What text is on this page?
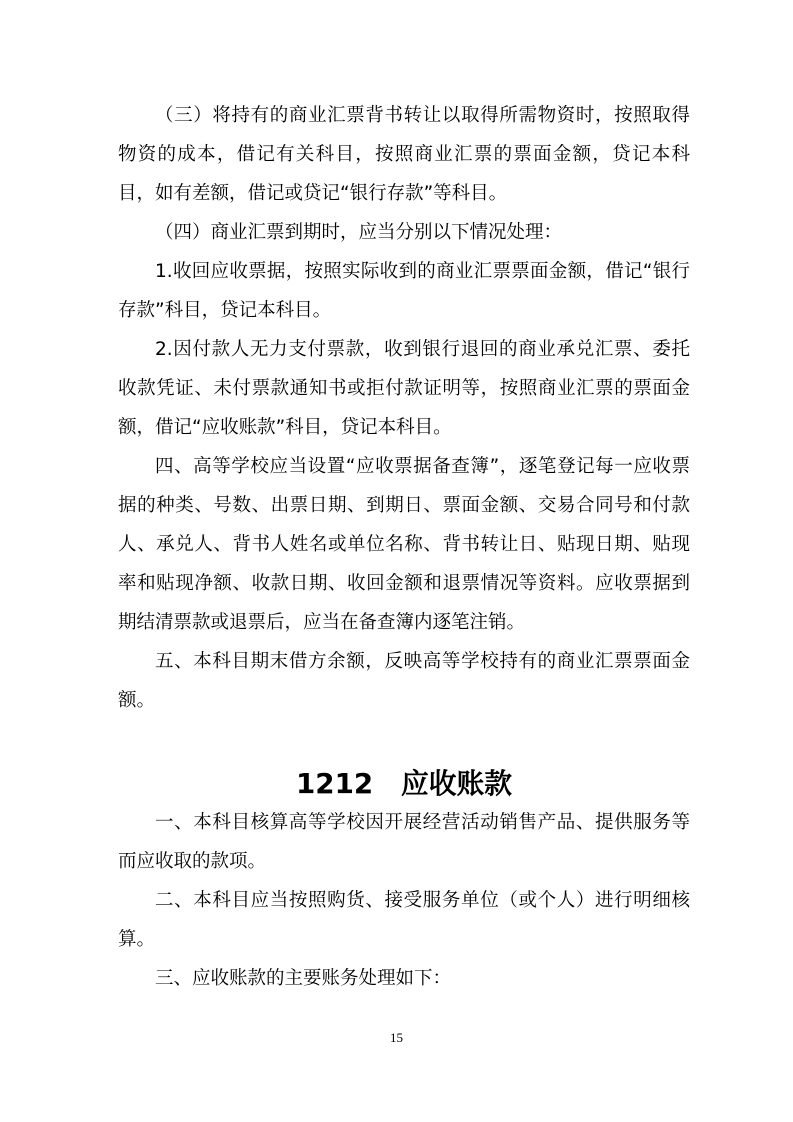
（三）将持有的商业汇票背书转让以取得所需物资时，按照取得物资的成本，借记有关科目，按照商业汇票的票面金额，贷记本科目，如有差额，借记或贷记“银行存款”等科目。

（四）商业汇票到期时，应当分别以下情况处理：

1.收回应收票据，按照实际收到的商业汇票票面金额，借记“银行存款”科目，贷记本科目。

2.因付款人无力支付票款，收到银行退回的商业承兑汇票、委托收款凭证、未付票款通知书或拒付款证明等，按照商业汇票的票面金额，借记“应收账款”科目，贷记本科目。

四、高等学校应当设置“应收票据备查簿”，逐笔登记每一应收票据的种类、号数、出票日期、到期日、票面金额、交易合同号和付款人、承兑人、背书人姓名或单位名称、背书转让日、贴现日期、贴现率和贴现净额、收款日期、收回金额和退票情况等资料。应收票据到期结清票款或退票后，应当在备查簿内逐笔注销。

五、本科目期末借方余额，反映高等学校持有的商业汇票票面金额。

1212　应收账款

一、本科目核算高等学校因开展经营活动销售产品、提供服务等而应收取的款项。

二、本科目应当按照购货、接受服务单位（或个人）进行明细核算。

三、应收账款的主要账务处理如下：

15
